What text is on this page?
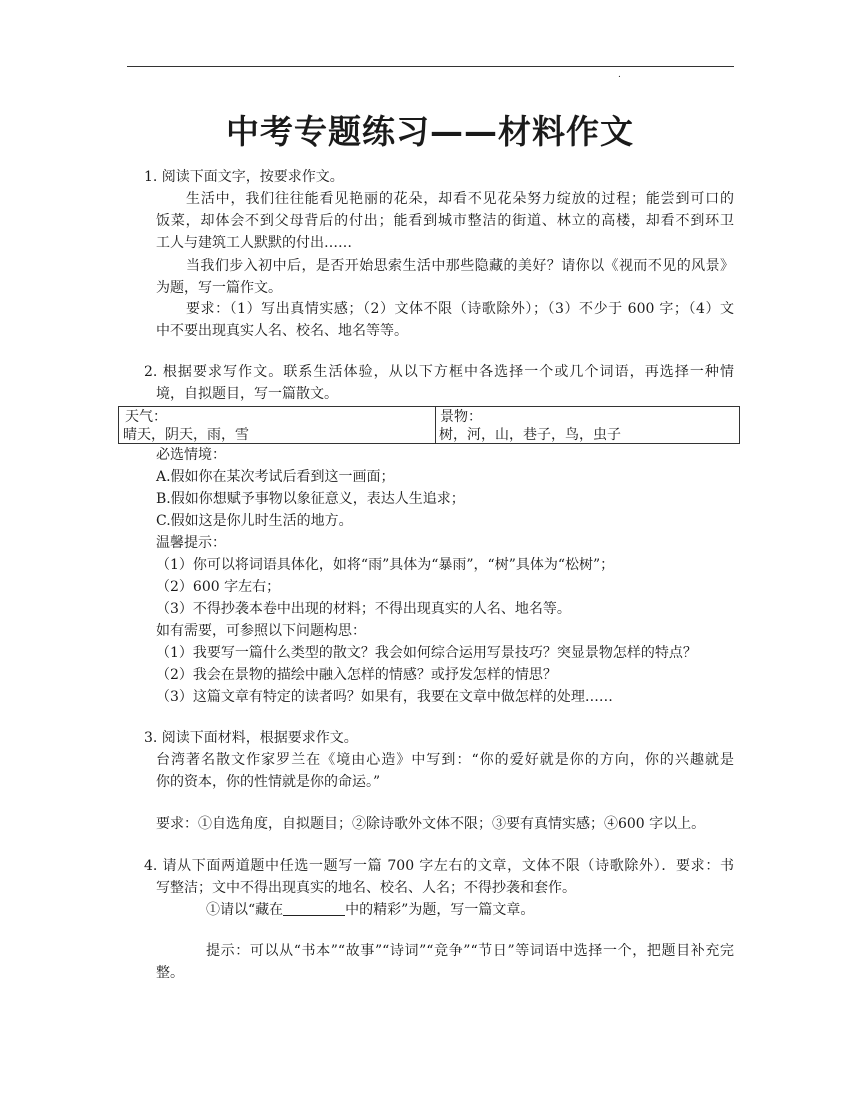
.
中考专题练习——材料作文
1. 阅读下面文字，按要求作文。
生活中，我们往往能看见艳丽的花朵，却看不见花朵努力绽放的过程；能尝到可口的
饭菜，却体会不到父母背后的付出；能看到城市整洁的街道、林立的高楼，却看不到环卫
工人与建筑工人默默的付出……
当我们步入初中后，是否开始思索生活中那些隐藏的美好？请你以《视而不见的风景》
为题，写一篇作文。
要求：（1）写出真情实感；（2）文体不限（诗歌除外）；（3）不少于 600 字；（4）文
中不要出现真实人名、校名、地名等等。
2. 根据要求写作文。联系生活体验，从以下方框中各选择一个或几个词语，再选择一种情
境，自拟题目，写一篇散文。
天气：
晴天，阴天，雨，雪
景物：
树，河，山，巷子，鸟，虫子
必选情境：
A.假如你在某次考试后看到这一画面；
B.假如你想赋予事物以象征意义，表达人生追求；
C.假如这是你儿时生活的地方。
温馨提示：
（1）你可以将词语具体化，如将“雨”具体为“暴雨”，“树”具体为“松树”；
（2）600 字左右；
（3）不得抄袭本卷中出现的材料；不得出现真实的人名、地名等。
如有需要，可参照以下问题构思：
（1）我要写一篇什么类型的散文？我会如何综合运用写景技巧？突显景物怎样的特点？
（2）我会在景物的描绘中融入怎样的情感？或抒发怎样的情思？
（3）这篇文章有特定的读者吗？如果有，我要在文章中做怎样的处理……
3. 阅读下面材料，根据要求作文。
台湾著名散文作家罗兰在《境由心造》中写到：“你的爱好就是你的方向，你的兴趣就是
你的资本，你的性情就是你的命运。”
要求：①自选角度，自拟题目；②除诗歌外文体不限；③要有真情实感；④600 字以上。
4. 请从下面两道题中任选一题写一篇 700 字左右的文章，文体不限（诗歌除外）．要求：书
写整洁；文中不得出现真实的地名、校名、人名；不得抄袭和套作。
①请以“藏在	中的精彩”为题，写一篇文章。
提示：可以从“书本”“故事”“诗词”“竞争”“节日”等词语中选择一个，把题目补充完
整。
